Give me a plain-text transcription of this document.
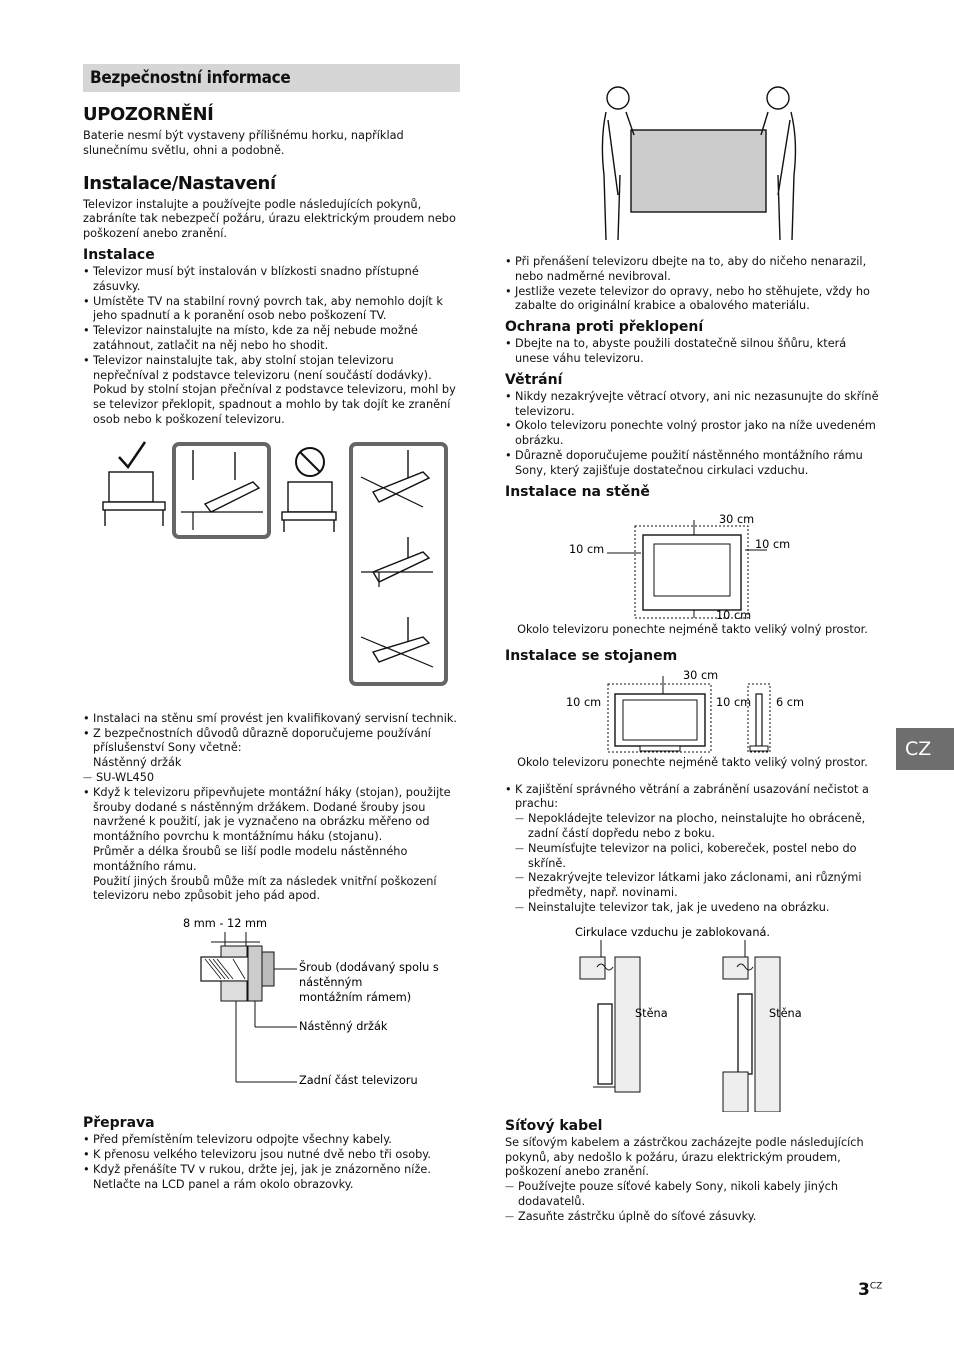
Bezpečnostní informace
UPOZORNĚNÍ

Baterie nesmí být vystaveny přílišnému horku, například slunečnímu světlu, ohni a podobně.

Instalace/Nastavení

Televizor instalujte a používejte podle následujících pokynů, zabráníte tak nebezpečí požáru, úrazu elektrickým proudem nebo poškození anebo zranění.

Instalace
• Televizor musí být instalován v blízkosti snadno přístupné zásuvky.
• Umístěte TV na stabilní rovný povrch tak, aby nemohlo dojít k jeho spadnutí a k poranění osob nebo poškození TV.
• Televizor nainstalujte na místo, kde za něj nebude možné zatáhnout, zatlačit na něj nebo ho shodit.
• Televizor nainstalujte tak, aby stolní stojan televizoru nepřečníval z podstavce televizoru (není součástí dodávky). Pokud by stolní stojan přečníval z podstavce televizoru, mohl by se televizor překlopit, spadnout a mohlo by tak dojít ke zranění osob nebo k poškození televizoru.
• Instalaci na stěnu smí provést jen kvalifikovaný servisní technik.
• Z bezpečnostních důvodů důrazně doporučujeme používání příslušenství Sony včetně:
Nástěnný držák
— SU-WL450
• Když k televizoru připevňujete montážní háky (stojan), použijte šrouby dodané s nástěnným držákem. Dodané šrouby jsou navržené k použití, jak je vyznačeno na obrázku měřeno od montážního povrchu k montážnímu háku (stojanu).
Průměr a délka šroubů se liší podle modelu nástěnného montážního rámu.
Použití jiných šroubů může mít za následek vnitřní poškození televizoru nebo způsobit jeho pád apod.
8 mm - 12 mm
Šroub (dodávaný spolu s
nástěnným
montážním rámem)
Nástěnný držák
Zadní část televizoru
Přeprava
• Před přemístěním televizoru odpojte všechny kabely.
• K přenosu velkého televizoru jsou nutné dvě nebo tři osoby.
• Když přenášíte TV v rukou, držte jej, jak je znázorněno níže. Netlačte na LCD panel a rám okolo obrazovky.
• Při přenášení televizoru dbejte na to, aby do ničeho nenarazil, nebo nadměrné nevibroval.
• Jestliže vezete televizor do opravy, nebo ho stěhujete, vždy ho zabalte do originální krabice a obalového materiálu.
Ochrana proti překlopení
• Dbejte na to, abyste použili dostatečně silnou šňůru, která unese váhu televizoru.
Větrání
• Nikdy nezakrývejte větrací otvory, ani nic nezasunujte do skříně televizoru.
• Okolo televizoru ponechte volný prostor jako na níže uvedeném obrázku.
• Důrazně doporučujeme použití nástěnného montážního rámu Sony, který zajišťuje dostatečnou cirkulaci vzduchu.
Instalace na stěně
30 cm
10 cm	10 cm
10 cm
Okolo televizoru ponechte nejméně takto veliký volný prostor.
Instalace se stojanem
30 cm
10 cm	10 cm 6 cm
Okolo televizoru ponechte nejméně takto veliký volný prostor.
• K zajištění správného větrání a zabránění usazování nečistot a prachu:
— Nepokládejte televizor na plocho, neinstalujte ho obráceně, zadní částí dopředu nebo z boku.
— Neumísťujte televizor na polici, kobereček, postel nebo do skříně.
— Nezakrývejte televizor látkami jako záclonami, ani různými předměty, např. novinami.
— Neinstalujte televizor tak, jak je uvedeno na obrázku.
Cirkulace vzduchu je zablokovaná.
Stěna	Stěna
Síťový kabel

Se síťovým kabelem a zástrčkou zacházejte podle následujících pokynů, aby nedošlo k požáru, úrazu elektrickým proudem, poškození anebo zranění.

— Používejte pouze síťové kabely Sony, nikoli kabely jiných dodavatelů.
— Zasuňte zástrčku úplně do síťové zásuvky.
CZ
$3^{CZ}$
